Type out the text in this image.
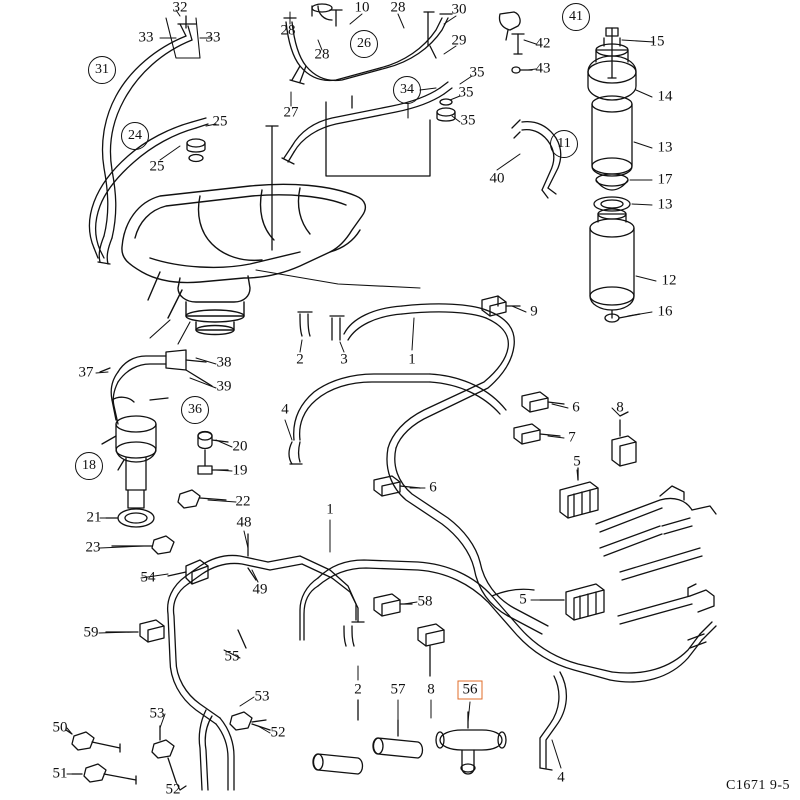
32	10 28	30
33	33	28
26	29	42
41
15
31
28
35	43
34	35	14
27	35
24
25
11	13
17
25
13
40
12
9	16
2 3	1
37
38
39
36	4	6 8
7
20
18	19
5
6
22
21	48
1
23
54
49
58	5
59
55
2 57 8	56
53
53
52
50
51
52
4	C1671 9-5
